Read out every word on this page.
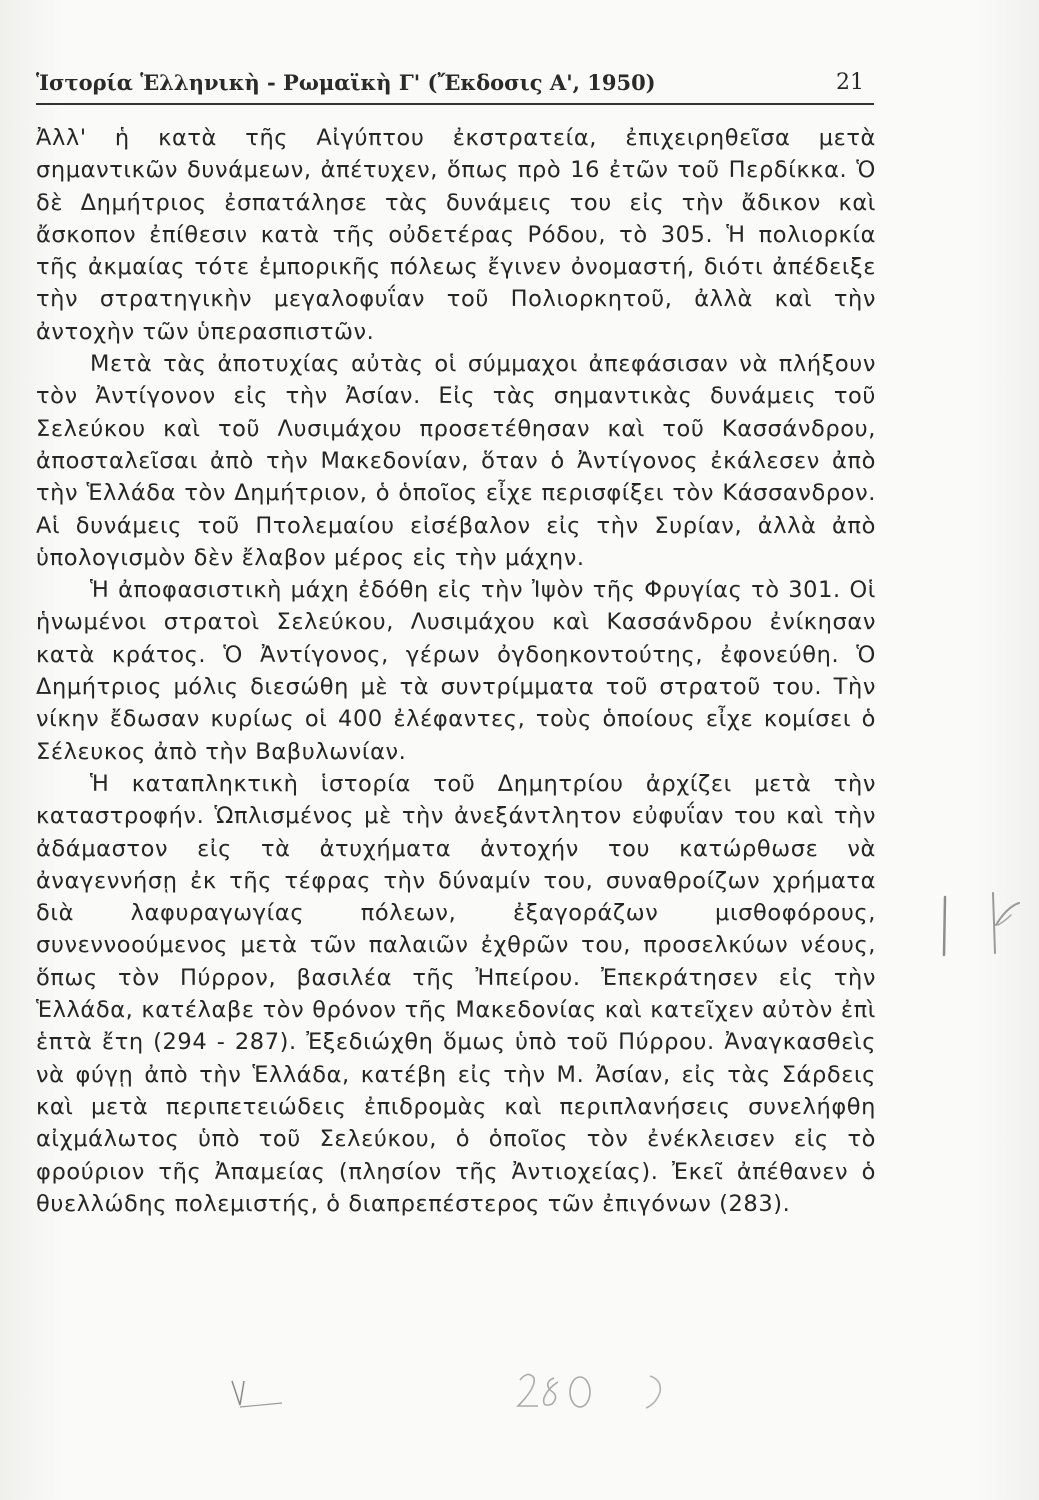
Ἱστορία Ἑλληνικὴ - Ρωμαϊκὴ Γ' (Ἔκδοσις Α', 1950)	21

Ἀλλ' ἡ κατὰ τῆς Αἰγύπτου ἐκστρατεία, ἐπιχειρηθεῖσα μετὰ σημαντικῶν δυνάμεων, ἀπέτυχεν, ὅπως πρὸ 16 ἐτῶν τοῦ Περδίκκα. Ὁ δὲ Δημήτριος ἐσπατάλησε τὰς δυνάμεις του εἰς τὴν ἄδικον καὶ ἄσκοπον ἐπίθεσιν κατὰ τῆς οὐδετέρας Ρόδου, τὸ 305. Ἡ πολιορκία τῆς ἀκμαίας τότε ἐμπορικῆς πόλεως ἔγινεν ὀνομαστή, διότι ἀπέδειξε τὴν στρατηγικὴν μεγαλοφυΐαν τοῦ Πολιορκητοῦ, ἀλλὰ καὶ τὴν ἀντοχὴν τῶν ὑπερασπιστῶν.

Μετὰ τὰς ἀποτυχίας αὐτὰς οἱ σύμμαχοι ἀπεφάσισαν νὰ πλήξουν τὸν Ἀντίγονον εἰς τὴν Ἀσίαν. Εἰς τὰς σημαντικὰς δυνάμεις τοῦ Σελεύκου καὶ τοῦ Λυσιμάχου προσετέθησαν καὶ τοῦ Κασσάνδρου, ἀποσταλεῖσαι ἀπὸ τὴν Μακεδονίαν, ὅταν ὁ Ἀντίγονος ἐκάλεσεν ἀπὸ τὴν Ἑλλάδα τὸν Δημήτριον, ὁ ὁποῖος εἶχε περισφίξει τὸν Κάσσανδρον. Αἱ δυνάμεις τοῦ Πτολεμαίου εἰσέβαλον εἰς τὴν Συρίαν, ἀλλὰ ἀπὸ ὑπολογισμὸν δὲν ἔλαβον μέρος εἰς τὴν μάχην.

Ἡ ἀποφασιστικὴ μάχη ἐδόθη εἰς τὴν Ἰψὸν τῆς Φρυγίας τὸ 301. Οἱ ἡνωμένοι στρατοὶ Σελεύκου, Λυσιμάχου καὶ Κασσάνδρου ἐνίκησαν κατὰ κράτος. Ὁ Ἀντίγονος, γέρων ὀγδοηκοντούτης, ἐφονεύθη. Ὁ Δημήτριος μόλις διεσώθη μὲ τὰ συντρίμματα τοῦ στρατοῦ του. Τὴν νίκην ἔδωσαν κυρίως οἱ 400 ἐλέφαντες, τοὺς ὁποίους εἶχε κομίσει ὁ Σέλευκος ἀπὸ τὴν Βαβυλωνίαν.

Ἡ καταπληκτικὴ ἱστορία τοῦ Δημητρίου ἀρχίζει μετὰ τὴν καταστροφήν. Ὡπλισμένος μὲ τὴν ἀνεξάντλητον εὐφυΐαν του καὶ τὴν ἀδάμαστον εἰς τὰ ἀτυχήματα ἀντοχήν του κατώρθωσε νὰ ἀναγεννήσῃ ἐκ τῆς τέφρας τὴν δύναμίν του, συναθροίζων χρήματα διὰ λαφυραγωγίας πόλεων, ἐξαγοράζων μισθοφόρους, συνεννοούμενος μετὰ τῶν παλαιῶν ἐχθρῶν του, προσελκύων νέους, ὅπως τὸν Πύρρον, βασιλέα τῆς Ἠπείρου. Ἐπεκράτησεν εἰς τὴν Ἑλλάδα, κατέλαβε τὸν θρόνον τῆς Μακεδονίας καὶ κατεῖχεν αὐτὸν ἐπὶ ἑπτὰ ἔτη (294 - 287). Ἐξεδιώχθη ὅμως ὑπὸ τοῦ Πύρρου. Ἀναγκασθεὶς νὰ φύγῃ ἀπὸ τὴν Ἑλλάδα, κατέβη εἰς τὴν Μ. Ἀσίαν, εἰς τὰς Σάρδεις καὶ μετὰ περιπετειώδεις ἐπιδρομὰς καὶ περιπλανήσεις συνελήφθη αἰχμάλωτος ὑπὸ τοῦ Σελεύκου, ὁ ὁποῖος τὸν ἐνέκλεισεν εἰς τὸ φρούριον τῆς Ἀπαμείας (πλησίον τῆς Ἀντιοχείας). Ἐκεῖ ἀπέθανεν ὁ θυελλώδης πολεμιστής, ὁ διαπρεπέστερος τῶν ἐπιγόνων (283).
